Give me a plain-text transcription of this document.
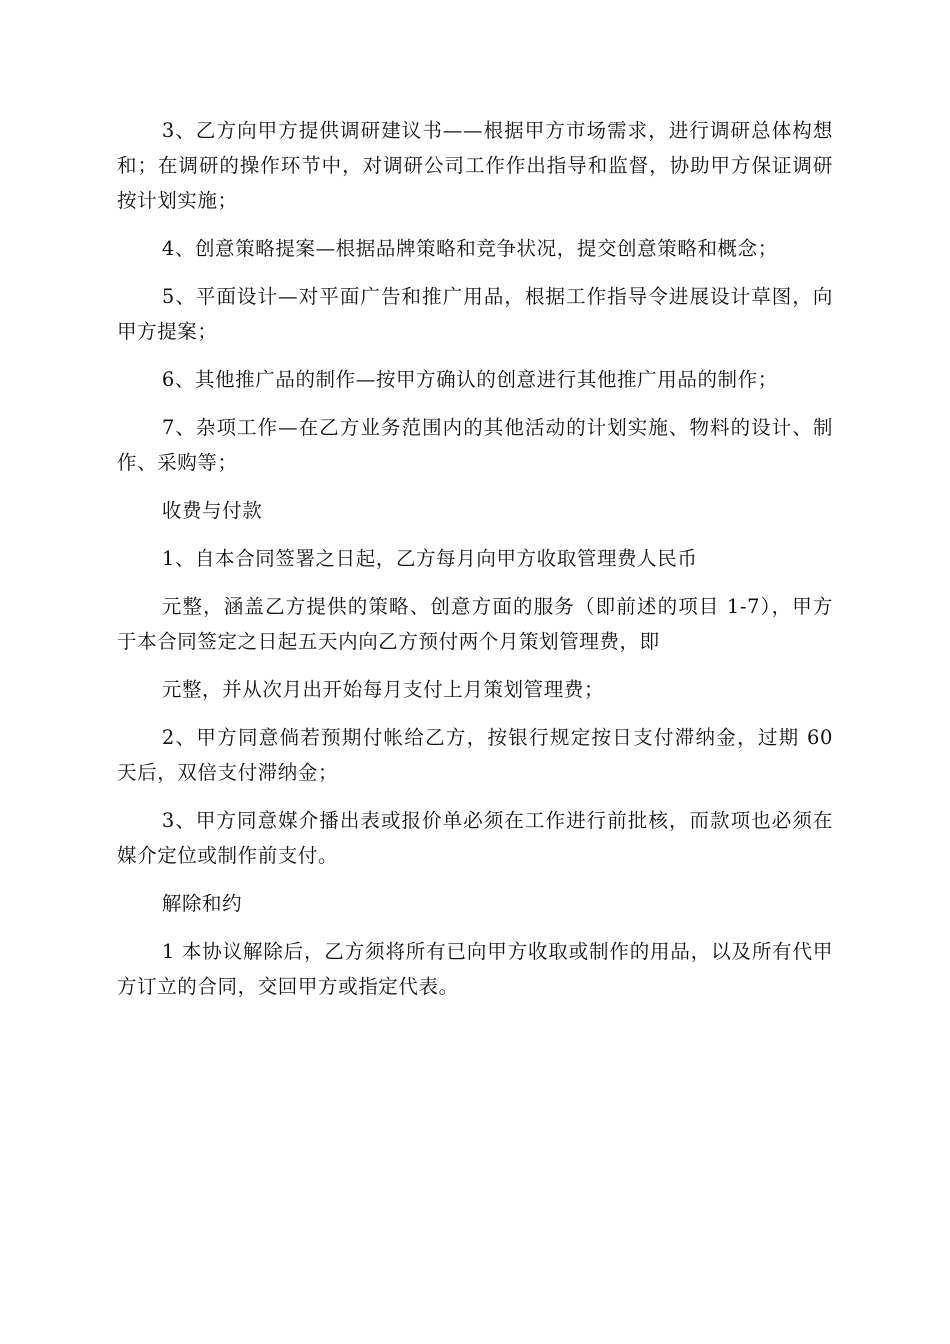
3、乙方向甲方提供调研建议书——根据甲方市场需求，进行调研总体构想和；在调研的操作环节中，对调研公司工作作出指导和监督，协助甲方保证调研按计划实施；

4、创意策略提案—根据品牌策略和竞争状况，提交创意策略和概念；

5、平面设计—对平面广告和推广用品，根据工作指导令进展设计草图，向甲方提案；

6、其他推广品的制作—按甲方确认的创意进行其他推广用品的制作；

7、杂项工作—在乙方业务范围内的其他活动的计划实施、物料的设计、制作、采购等；

收费与付款

1、自本合同签署之日起，乙方每月向甲方收取管理费人民币

元整，涵盖乙方提供的策略、创意方面的服务（即前述的项目 1-7），甲方于本合同签定之日起五天内向乙方预付两个月策划管理费，即

元整，并从次月出开始每月支付上月策划管理费；

2、甲方同意倘若预期付帐给乙方，按银行规定按日支付滞纳金，过期 60 天后，双倍支付滞纳金；

3、甲方同意媒介播出表或报价单必须在工作进行前批核，而款项也必须在媒介定位或制作前支付。

解除和约

1 本协议解除后，乙方须将所有已向甲方收取或制作的用品，以及所有代甲方订立的合同，交回甲方或指定代表。
